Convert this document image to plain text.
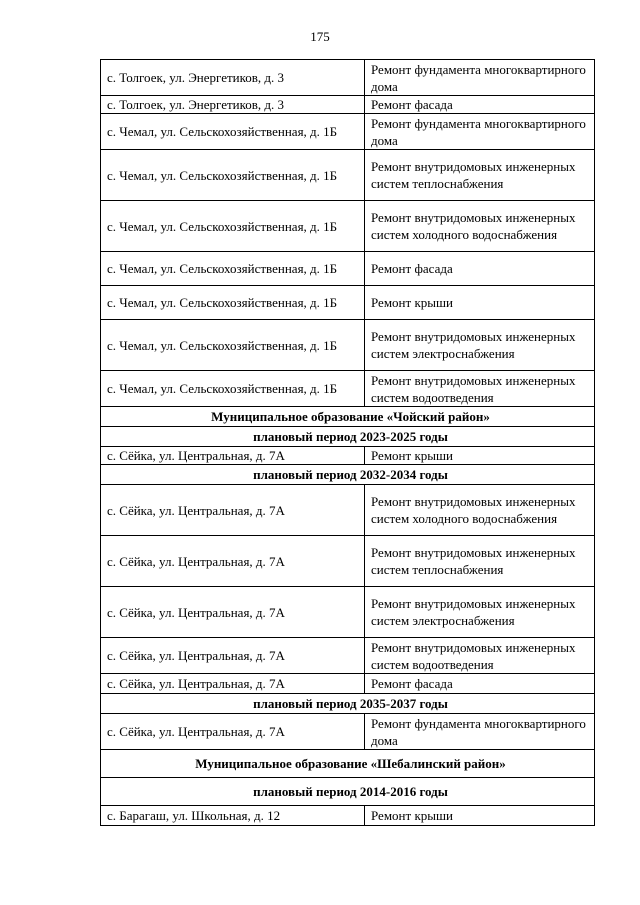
175
с. Толгоек, ул. Энергетиков, д. 3	Ремонт фундамента многоквартирного дома
с. Толгоек, ул. Энергетиков, д. 3	Ремонт фасада
с. Чемал, ул. Сельскохозяйственная, д. 1Б	Ремонт фундамента многоквартирного дома
с. Чемал, ул. Сельскохозяйственная, д. 1Б	Ремонт внутридомовых инженерных систем теплоснабжения
с. Чемал, ул. Сельскохозяйственная, д. 1Б	Ремонт внутридомовых инженерных систем холодного водоснабжения
с. Чемал, ул. Сельскохозяйственная, д. 1Б	Ремонт фасада
с. Чемал, ул. Сельскохозяйственная, д. 1Б	Ремонт крыши
с. Чемал, ул. Сельскохозяйственная, д. 1Б	Ремонт внутридомовых инженерных систем электроснабжения
с. Чемал, ул. Сельскохозяйственная, д. 1Б	Ремонт внутридомовых инженерных систем водоотведения
Муниципальное образование «Чойский район»	
плановый период 2023-2025 годы	
с. Сёйка, ул. Центральная, д. 7А	Ремонт крыши
плановый период 2032-2034 годы	
с. Сёйка, ул. Центральная, д. 7А	Ремонт внутридомовых инженерных систем холодного водоснабжения
с. Сёйка, ул. Центральная, д. 7А	Ремонт внутридомовых инженерных систем теплоснабжения
с. Сёйка, ул. Центральная, д. 7А	Ремонт внутридомовых инженерных систем электроснабжения
с. Сёйка, ул. Центральная, д. 7А	Ремонт внутридомовых инженерных систем водоотведения
с. Сёйка, ул. Центральная, д. 7А	Ремонт фасада
плановый период 2035-2037 годы	
с. Сёйка, ул. Центральная, д. 7А	Ремонт фундамента многоквартирного дома
Муниципальное образование «Шебалинский район»	
плановый период 2014-2016 годы	
с. Барагаш, ул. Школьная, д. 12	Ремонт крыши
